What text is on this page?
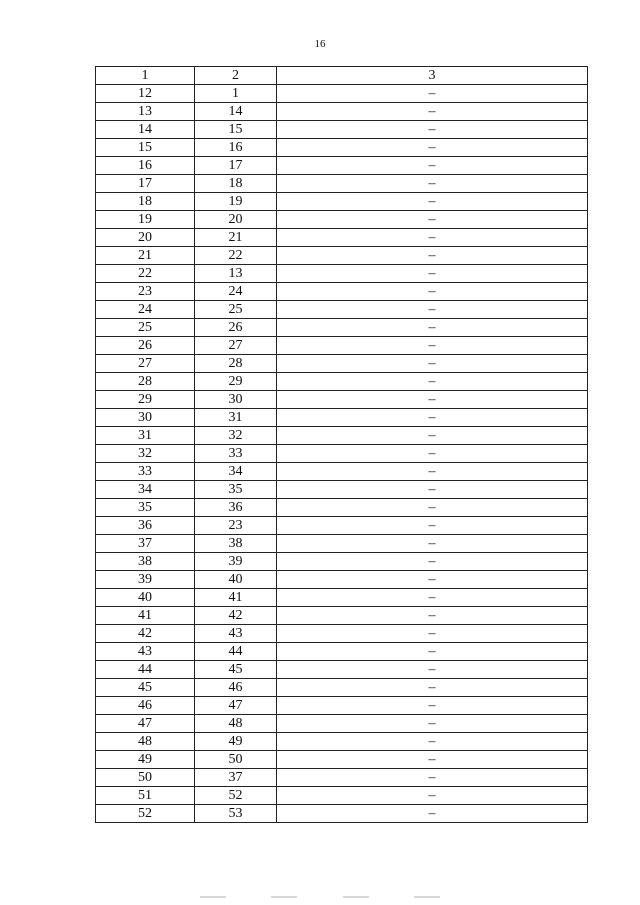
16
1	2	3
12	1	–
13	14	–
14	15	–
15	16	–
16	17	–
17	18	–
18	19	–
19	20	–
20	21	–
21	22	–
22	13	–
23	24	–
24	25	–
25	26	–
26	27	–
27	28	–
28	29	–
29	30	–
30	31	–
31	32	–
32	33	–
33	34	–
34	35	–
35	36	–
36	23	–
37	38	–
38	39	–
39	40	–
40	41	–
41	42	–
42	43	–
43	44	–
44	45	–
45	46	–
46	47	–
47	48	–
48	49	–
49	50	–
50	37	–
51	52	–
52	53	–
